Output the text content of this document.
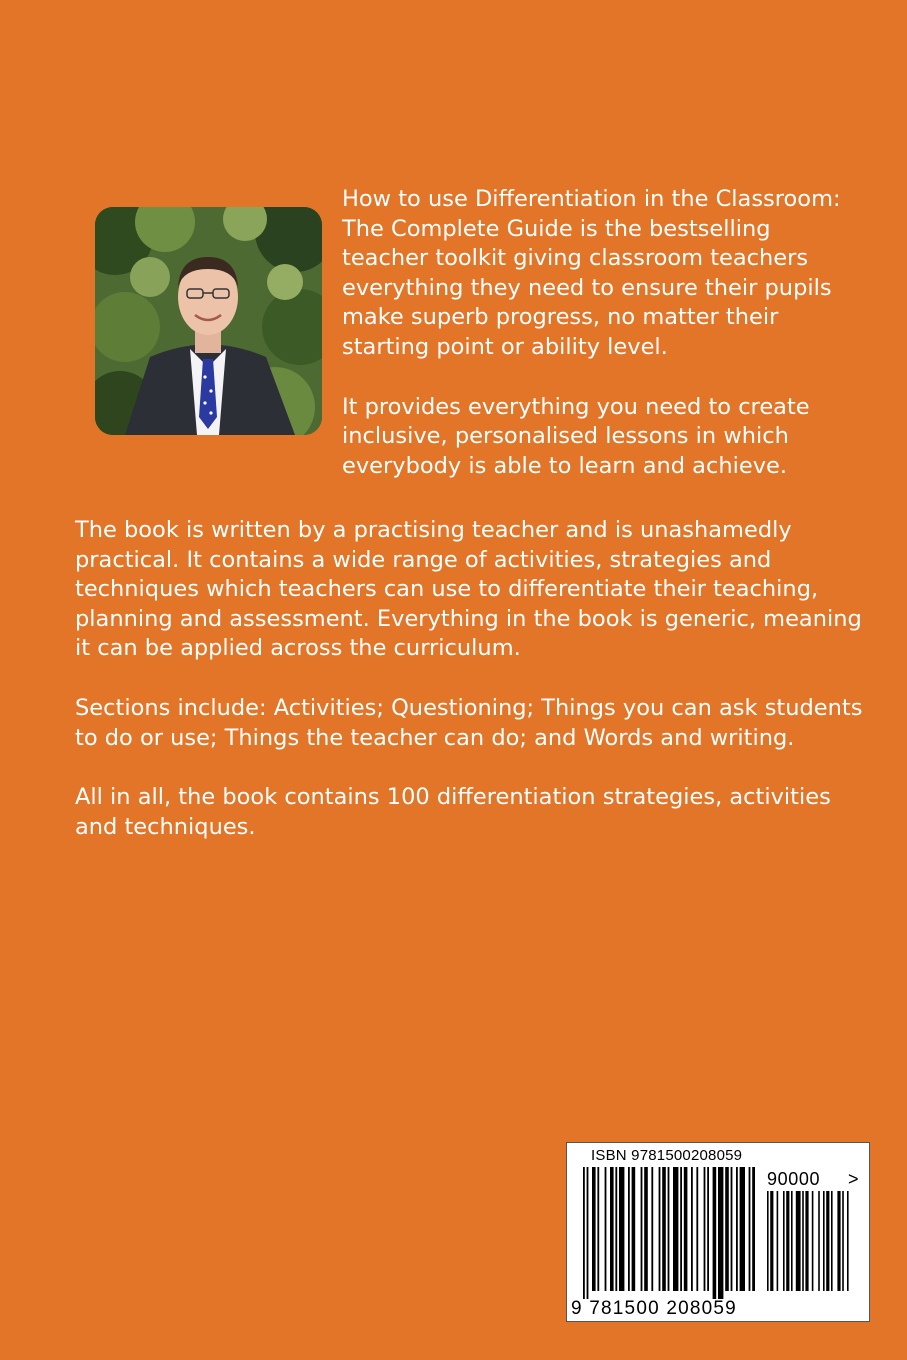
How to use Differentiation in the Classroom: The Complete Guide is the bestselling teacher toolkit giving classroom teachers everything they need to ensure their pupils make superb progress, no matter their starting point or ability level.

It provides everything you need to create inclusive, personalised lessons in which everybody is able to learn and achieve.

The book is written by a practising teacher and is unashamedly practical. It contains a wide range of activities, strategies and techniques which teachers can use to differentiate their teaching, planning and assessment. Everything in the book is generic, meaning it can be applied across the curriculum.

Sections include: Activities; Questioning; Things you can ask students to do or use; Things the teacher can do; and Words and writing.

All in all, the book contains 100 differentiation strategies, activities and techniques.

ISBN 9781500208059
90000 >
9 781500 208059
